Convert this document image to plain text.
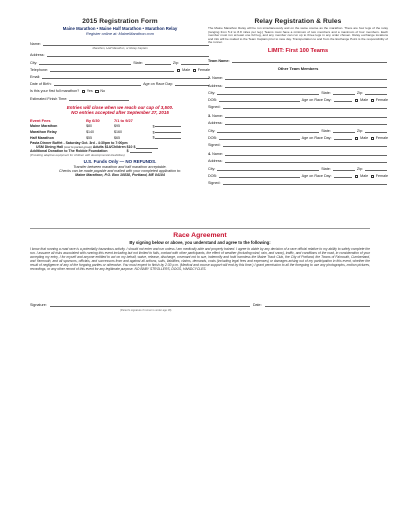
2015 Registration Form
Maine Marathon • Maine Half Marathon • Marathon Relay
Register online at: MaineMarathon.com
Name:
Marathon, Half Marathon, or Relay Captain
Address:
City:	State:	Zip:
Telephone:	Male Female
Email:
Date of Birth:	Age on Race Day:
Is this your first full marathon? Yes No
Estimated Finish Time:
Entries will close when we reach our cap of 3,500.
NO entries accepted after September 27, 2015
Event Fees	By 6/30	7/1 to 9/27	
Maine Marathon	$80	$95	$
Marathon Relay	$140	$160	$
Half Marathon	$55	$65	$
Pasta Dinner Buffet - Saturday Oct. 3rd - 4:30pm to 7:00pm
USM Dining Hall (cost to pocket group) Adults $14/Children $10 $
Additional Donation to The Robbie Foundation	$
(Providing adaptive equipment for children with developmental disabilities)
U.S. Funds Only — NO REFUNDS.
Transfer between marathon and half marathon acceptable.
Checks can be made payable and mailed with your completed application to:
Maine Marathon, P.O. Box 10838, Portland, ME 04104
Relay Registration & Rules
The Maine Marathon Relay will be run simultaneously and on the same course as the marathon. There are four legs of the relay (ranging from 5.2 to 8.8 miles per leg.) Teams must have a minimum of two members and a maximum of four members. Each member must run at least one full leg, and any member can run up to three legs in any order chosen. Relay exchange locations and info will be mailed to the Team Captain prior to race day. Transportation to and from the Exchange Point is the responsibility of the runner.
LIMIT: First 100 Teams
Team Name:
Other Team Members
2. Name:
Address:
City:	State:	Zip:
DOB:	Age on Race Day:	Male Female
Signed:
3. Name:
Address:
City:	State:	Zip:
DOB:	Age on Race Day:	Male Female
Signed:
4. Name:
Address:
City:	State:	Zip:
DOB:	Age on Race Day:	Male Female
Signed:
Race Agreement
By signing below or above, you understand and agree to the following:
I know that running a road race is a potentially hazardous activity. I should not enter and run unless I am medically able and properly trained. I agree to abide by any decision of a race official relative to my ability to safely complete the run. I assume all risks associated with running this event including but not limited to falls, contact with other participants, the effect of weather (including wind, rain, and snow), traffic, and conditions of the road, in consideration of your accepting my entry, I for myself and anyone entitled to act on my behalf, waive, release, discharge, covenant not to sue, indemnify and hold harmless the Maine Track Club, the City of Portland, the Towns of Falmouth, Cumberland, and Yarmouth, and all sponsors, officials, and successors from and against all actions, suits, liabilities, claims, demands, costs (including legal fees and expenses) or damages arising out of my participation in this event, whether the result of negligence of any of the forgoing parties or otherwise. You must expect to finish by 2:30 p.m. (Medical and course support will end by this time.) I grant permission to all the foregoing to use any photographs, motion pictures, recordings, or any other record of this event for any legitimate purpose. NO BABY STROLLERS, DOGS, HANDCYCLES.
Signature:	Date:
(Parent's signature if runner is under age 18)
